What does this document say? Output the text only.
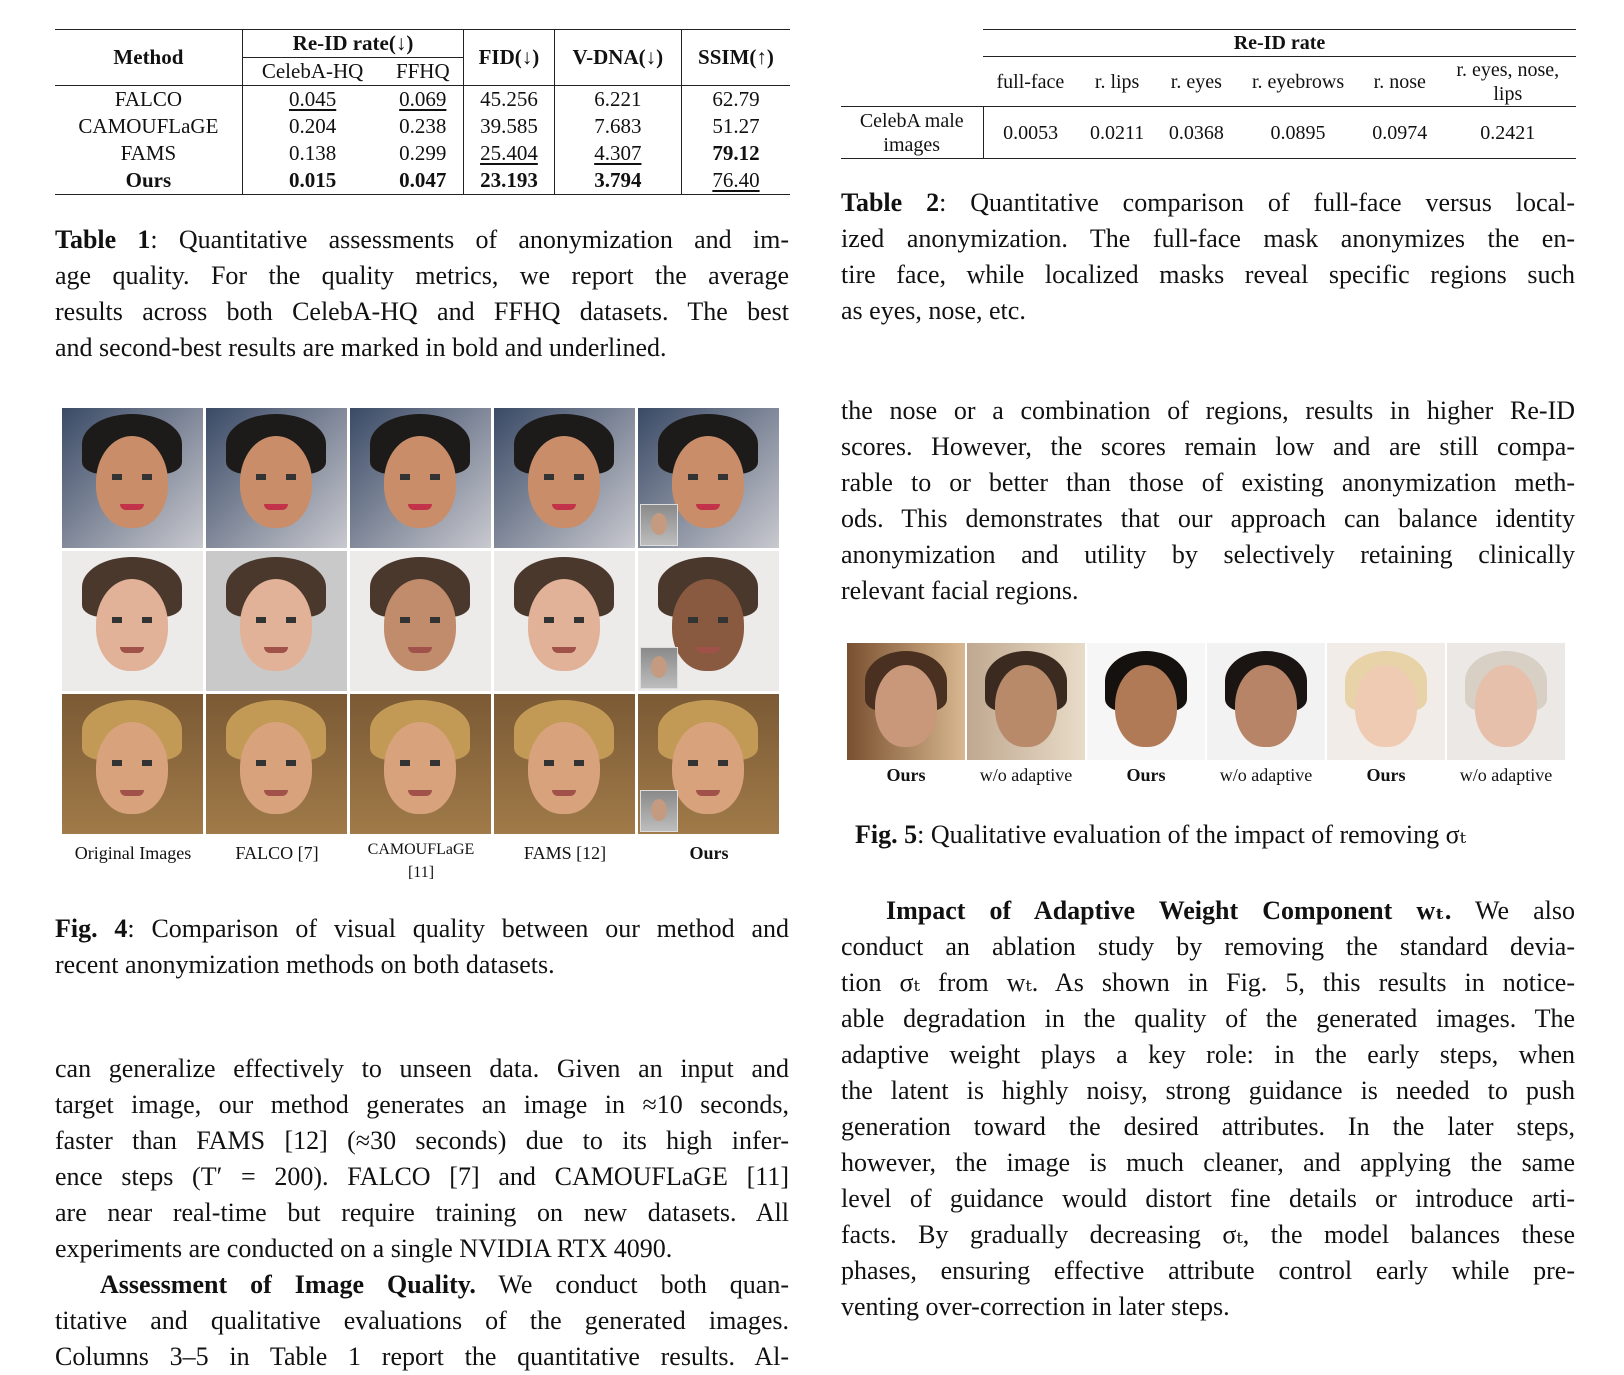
Method	Re-ID rate(↓)		FID(↓)	V-DNA(↓)	SSIM(↑)
	CelebA-HQ	FFHQ			
FALCO	0.045	0.069	45.256	6.221	62.79
CAMOUFLaGE	0.204	0.238	39.585	7.683	51.27
FAMS	0.138	0.299	25.404	4.307	79.12
Ours	0.015	0.047	23.193	3.794	76.40
	Re-ID rate					
	full-face	r. lips	r. eyes	r. eyebrows	r. nose	r. eyes, nose,
lips

CelebA male
images	0.0053	0.0211	0.0368	0.0895	0.0974	0.2421
Original Images	FALCO [7]	CAMOUFLaGE
[11]
FAMS [12]	Ours
Table 1: Quantitative assessments of anonymization and im-
age quality. For the quality metrics, we report the average
results across both CelebA-HQ and FFHQ datasets. The best
and second-best results are marked in bold and underlined.
Table 2: Quantitative comparison of full-face versus local-
ized anonymization. The full-face mask anonymizes the en-
tire face, while localized masks reveal specific regions such
as eyes, nose, etc.
Fig. 4: Comparison of visual quality between our method and
recent anonymization methods on both datasets.
Fig. 5: Qualitative evaluation of the impact of removing σₜ
can generalize effectively to unseen data. Given an input and
target image, our method generates an image in ≈10 seconds,
faster than FAMS [12] (≈30 seconds) due to its high infer-
ence steps (T′ = 200). FALCO [7] and CAMOUFLaGE [11]
are near real-time but require training on new datasets. All
experiments are conducted on a single NVIDIA RTX 4090.
Assessment of Image Quality. We conduct both quan-
titative and qualitative evaluations of the generated images.
Columns 3–5 in Table 1 report the quantitative results. Al-
the nose or a combination of regions, results in higher Re-ID
scores. However, the scores remain low and are still compa-
rable to or better than those of existing anonymization meth-
ods. This demonstrates that our approach can balance identity
anonymization and utility by selectively retaining clinically
relevant facial regions.
Impact of Adaptive Weight Component wₜ. We also
conduct an ablation study by removing the standard devia-
tion σₜ from wₜ. As shown in Fig. 5, this results in notice-
able degradation in the quality of the generated images. The
adaptive weight plays a key role: in the early steps, when
the latent is highly noisy, strong guidance is needed to push
generation toward the desired attributes. In the later steps,
however, the image is much cleaner, and applying the same
level of guidance would distort fine details or introduce arti-
facts. By gradually decreasing σₜ, the model balances these
phases, ensuring effective attribute control early while pre-
venting over-correction in later steps.
Ours	w/o adaptive	Ours	w/o adaptive	Ours	w/o adaptive
